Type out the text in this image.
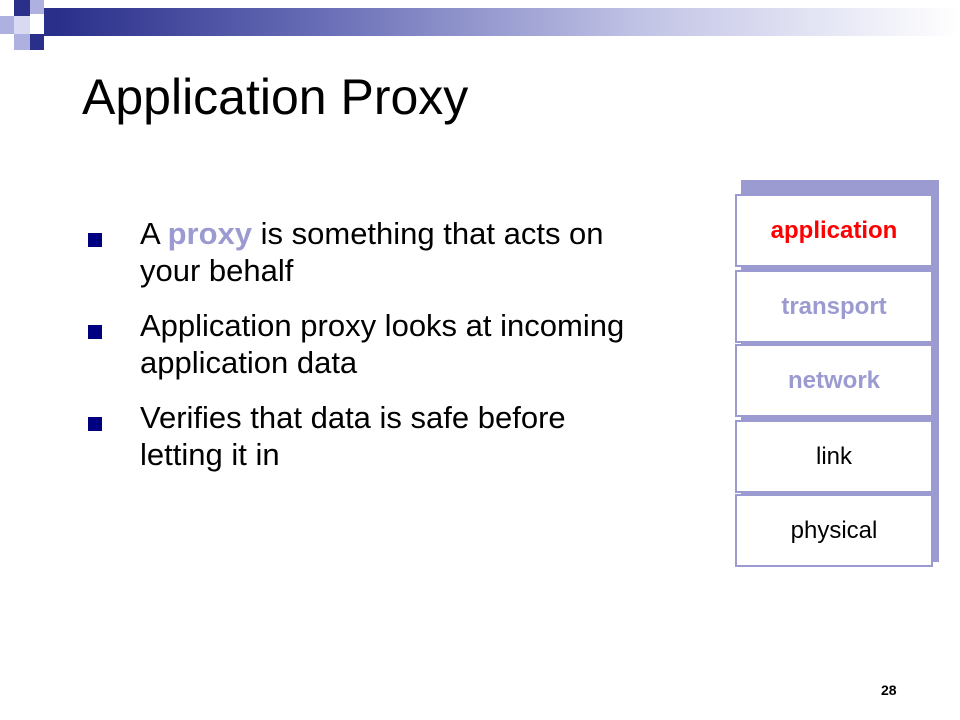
Application Proxy
A proxy is something that acts on your behalf
Application proxy looks at incoming application data
Verifies that data is safe before letting it in
application
transport
network
link
physical
28
